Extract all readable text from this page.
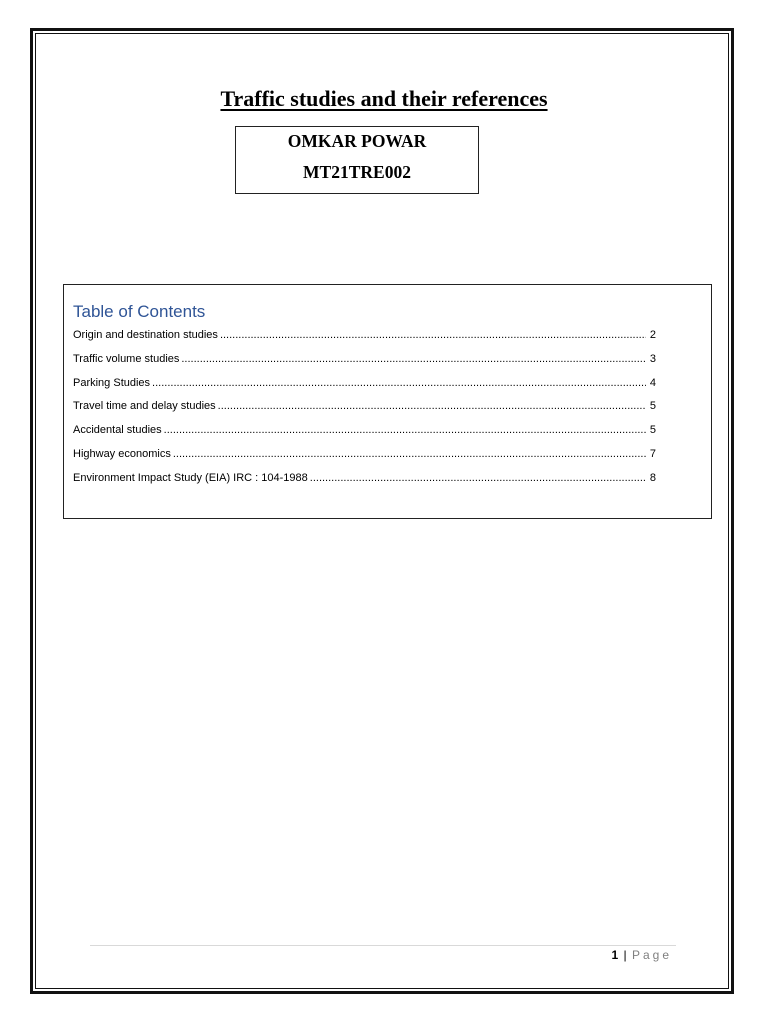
Traffic studies and their references
OMKAR POWAR
MT21TRE002
Table of Contents
Origin and destination studies .....	2
Traffic volume studies .....	3
Parking Studies .....	4
Travel time and delay studies .....	5
Accidental studies .....	5
Highway economics .....	7
Environment Impact Study (EIA) IRC : 104-1988 .....	8
1 | Page
